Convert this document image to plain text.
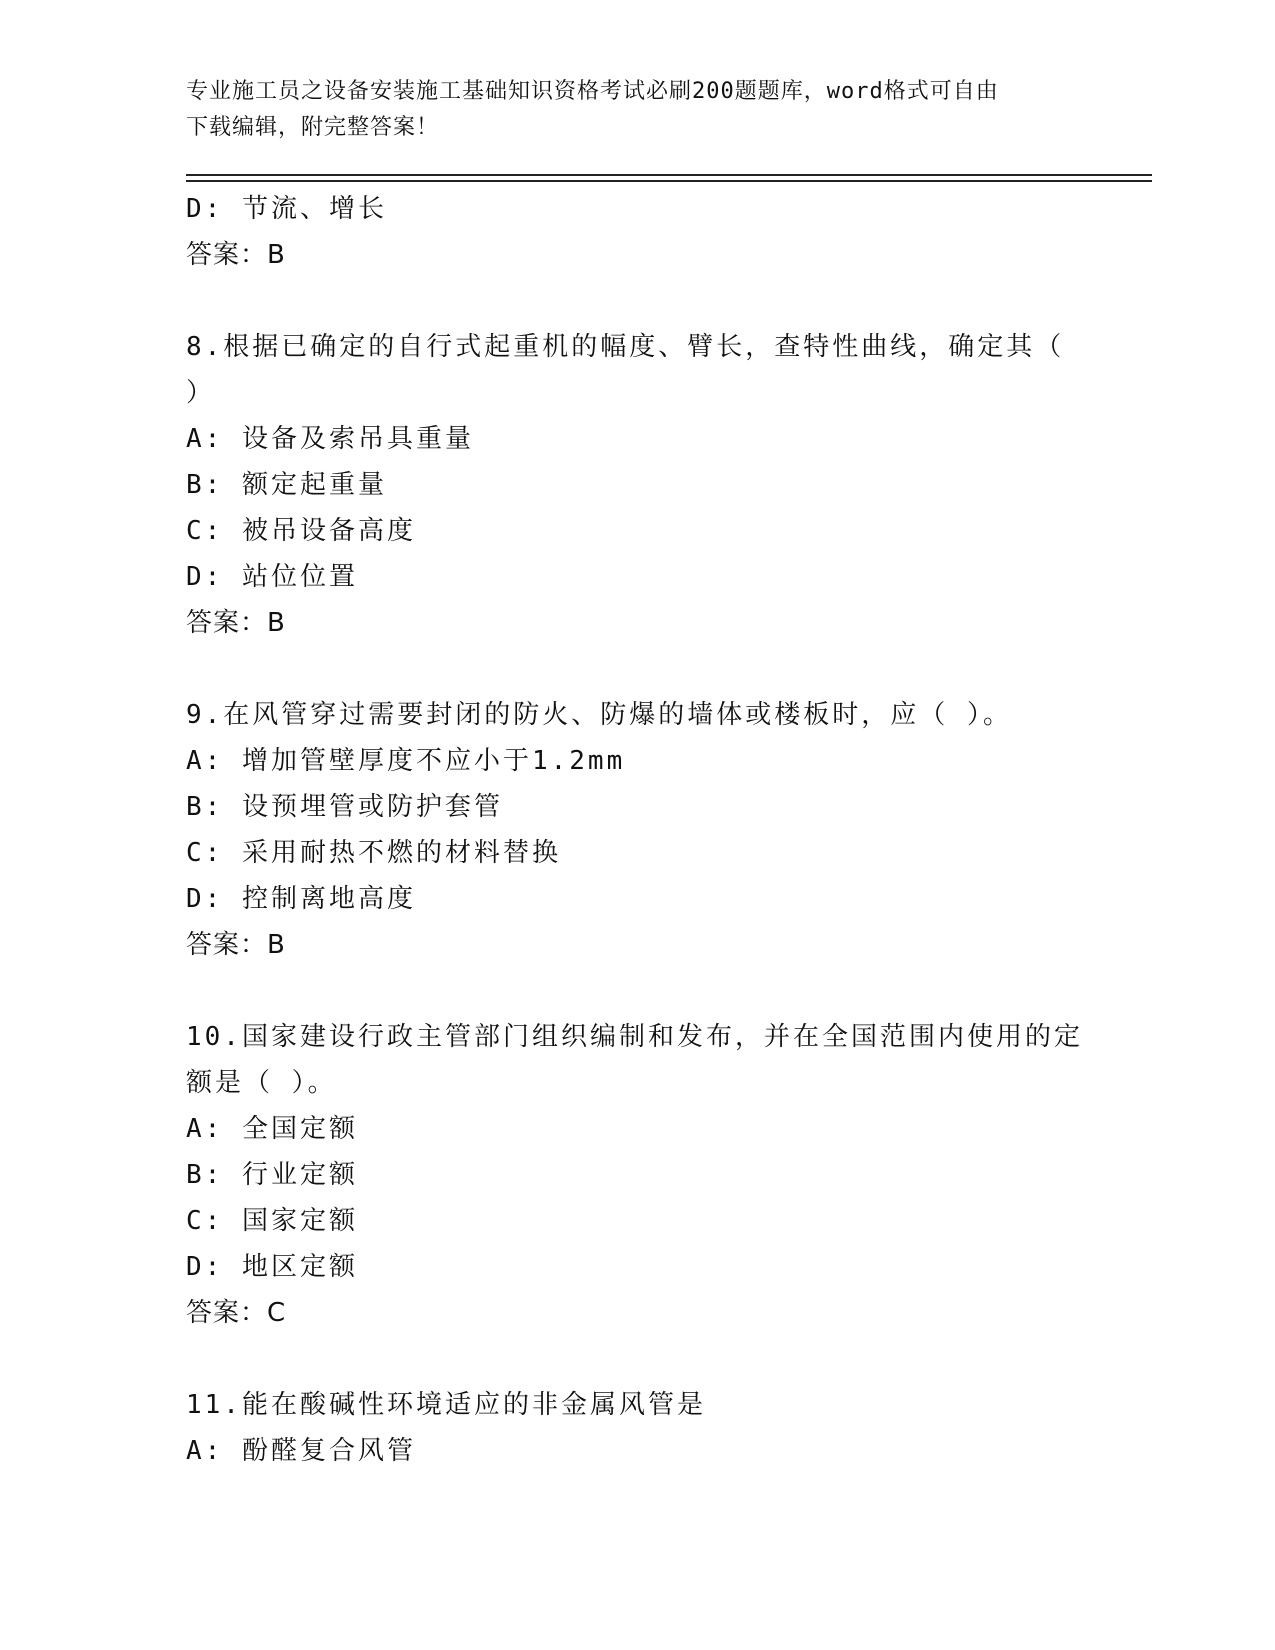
专业施工员之设备安装施工基础知识资格考试必刷200题题库，word格式可自由
下载编辑，附完整答案！
D: 节流、增长
答案：B
8.根据已确定的自行式起重机的幅度、臂长，查特性曲线，确定其（
）
A: 设备及索吊具重量
B: 额定起重量
C: 被吊设备高度
D: 站位位置
答案：B
9.在风管穿过需要封闭的防火、防爆的墙体或楼板时，应（ ）。
A: 增加管壁厚度不应小于1.2mm
B: 设预埋管或防护套管
C: 采用耐热不燃的材料替换
D: 控制离地高度
答案：B
10.国家建设行政主管部门组织编制和发布，并在全国范围内使用的定
额是（ ）。
A: 全国定额
B: 行业定额
C: 国家定额
D: 地区定额
答案：C
11.能在酸碱性环境适应的非金属风管是
A: 酚醛复合风管
